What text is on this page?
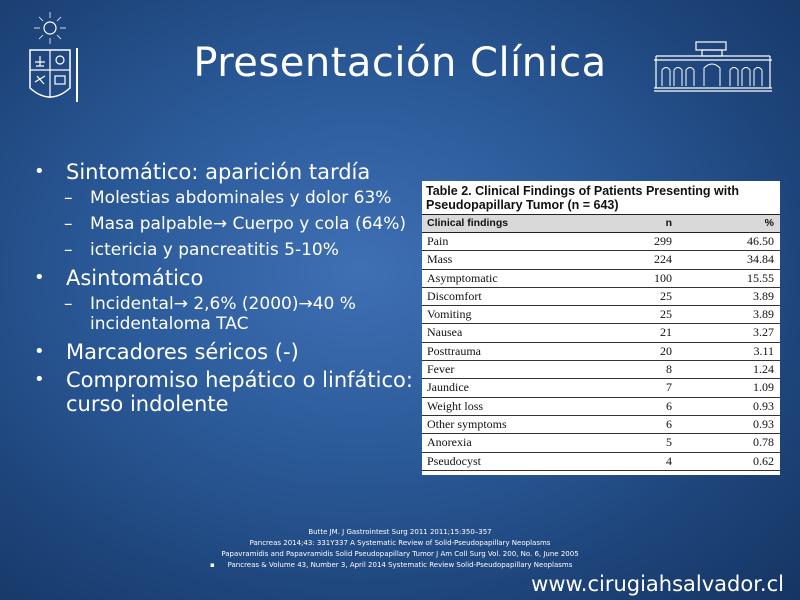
Presentación Clínica
•	Sintomático: aparición tardía
–	Molestias abdominales y dolor 63%
–	Masa palpable→ Cuerpo y cola (64%)
–	ictericia y pancreatitis 5-10%
•	Asintomático
–	Incidental→ 2,6% (2000)→40 % incidentaloma TAC
•	Marcadores séricos (-)
•	Compromiso hepático o linfático: curso indolente
Table 2. Clinical Findings of Patients Presenting with Pseudopapillary Tumor (n = 643)
Clinical findings	n	%
Pain	299	46.50
Mass	224	34.84
Asymptomatic	100	15.55
Discomfort	25	3.89
Vomiting	25	3.89
Nausea	21	3.27
Posttrauma	20	3.11
Fever	8	1.24
Jaundice	7	1.09
Weight loss	6	0.93
Other symptoms	6	0.93
Anorexia	5	0.78
Pseudocyst	4	0.62
Butte JM. J Gastrointest Surg 2011 2011;15:350–357
Pancreas 2014;43: 331Y337 A Systematic Review of Solid-Pseudopapillary Neoplasms
Papavramidis and Papavramidis Solid Pseudopapillary Tumor J Am Coll Surg Vol. 200, No. 6, June 2005
▪ Pancreas & Volume 43, Number 3, April 2014 Systematic Review Solid-Pseudopapillary Neoplasms
www.cirugiahsalvador.cl
